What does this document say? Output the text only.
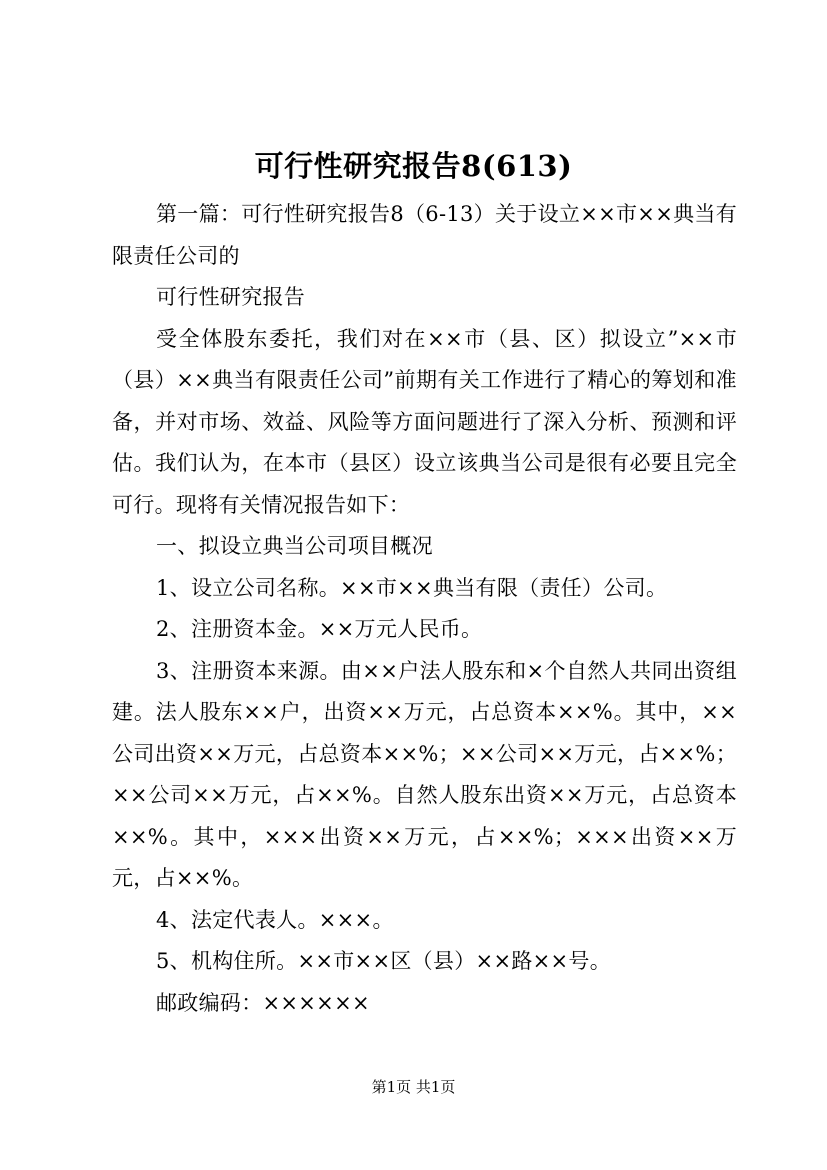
可行性研究报告8(613)

第一篇：可行性研究报告8（6-13）关于设立××市××典当有限责任公司的

可行性研究报告

受全体股东委托，我们对在××市（县、区）拟设立”××市（县）××典当有限责任公司”前期有关工作进行了精心的筹划和准备，并对市场、效益、风险等方面问题进行了深入分析、预测和评估。我们认为，在本市（县区）设立该典当公司是很有必要且完全可行。现将有关情况报告如下：

一、拟设立典当公司项目概况

1、设立公司名称。××市××典当有限（责任）公司。

2、注册资本金。××万元人民币。

3、注册资本来源。由××户法人股东和×个自然人共同出资组建。法人股东××户，出资××万元，占总资本××%。其中，××公司出资××万元，占总资本××%；××公司××万元，占××%；××公司××万元，占××%。自然人股东出资××万元，占总资本××%。其中，×××出资××万元，占××%；×××出资××万元，占××%。

4、法定代表人。×××。

5、机构住所。××市××区（县）××路××号。

邮政编码：××××××

第1页 共1页
